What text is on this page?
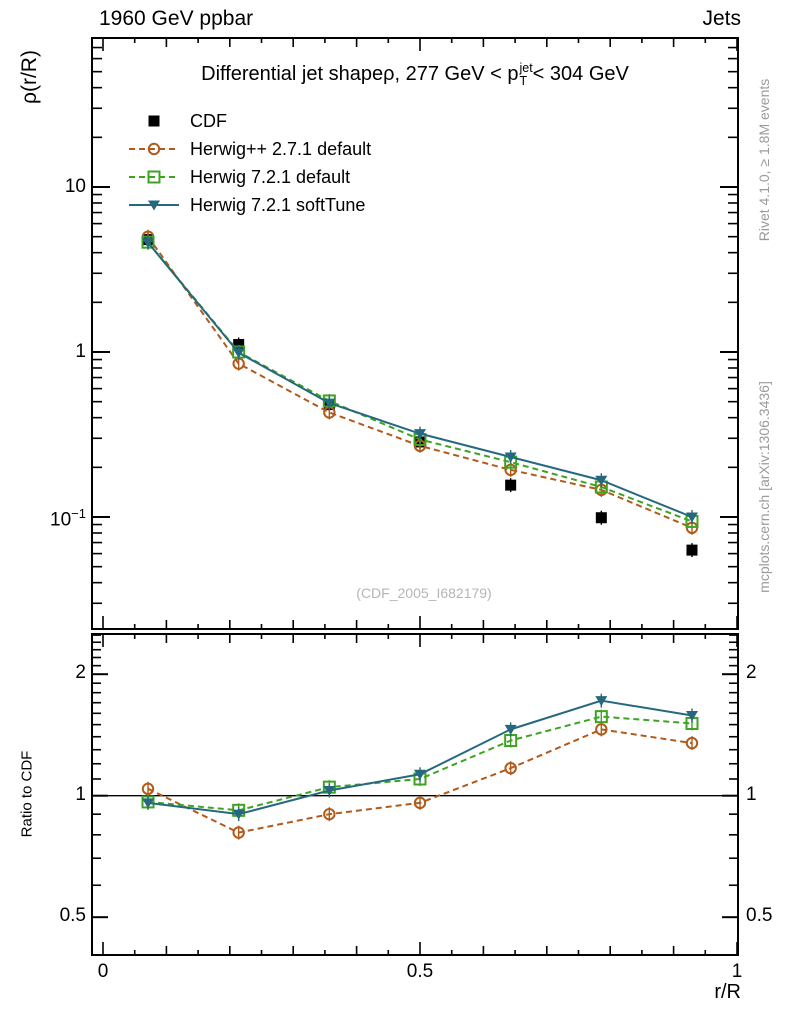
1960 GeV ppbar	Jets
Differential jet shape ρ , 277 GeV < p jet
T < 304 GeV
CDF
Herwig++ 2.7.1 default
Herwig 7.2.1 default
Herwig 7.2.1 softTune
ρ(r/R)
Ratio to CDF
r/R
10
1
$10^{-1}$
2
1
0.5
2
1
0.5
0	0.5	1
(CDF_2005_I682179)
Rivet 4.1.0, ≥ 1.8M events
mcplots.cern.ch [arXiv:1306.3436]
